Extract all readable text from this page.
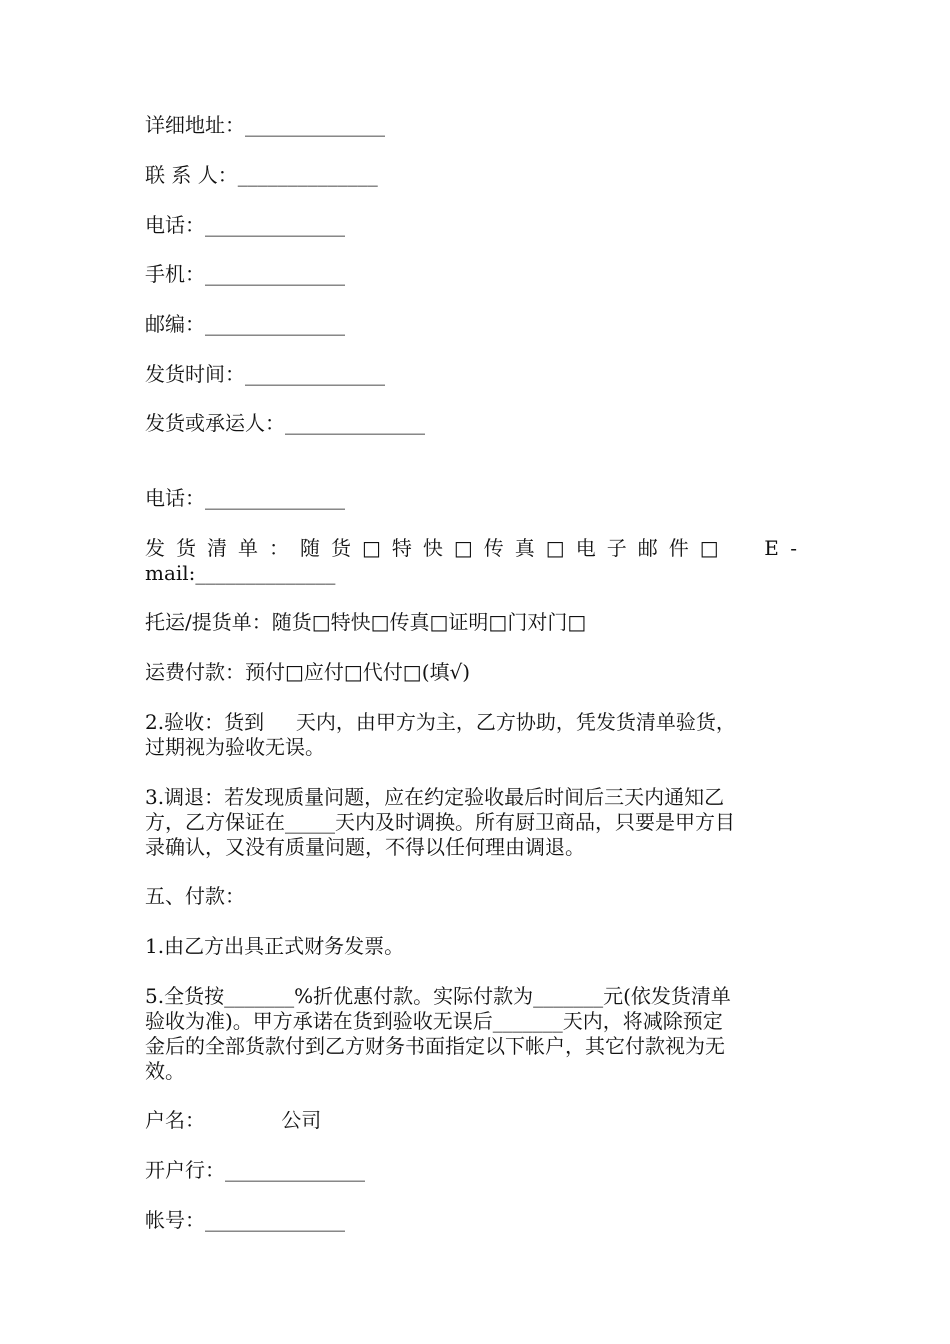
详细地址：______________
联 系 人：______________
电话：______________
手机：______________
邮编：______________
发货时间：______________
发货或承运人：______________
电话：______________
发货清单：随货□特快□传真□电子邮件□  E-
mail:______________
托运/提货单：随货□特快□传真□证明□门对门□
运费付款：预付□应付□代付□(填√)
2.验收：货到     天内，由甲方为主，乙方协助，凭发货清单验货，
过期视为验收无误。
3.调退：若发现质量问题，应在约定验收最后时间后三天内通知乙
方，乙方保证在_____天内及时调换。所有厨卫商品，只要是甲方目
录确认，又没有质量问题，不得以任何理由调退。
五、付款：
1.由乙方出具正式财务发票。
5.全货按_______%折优惠付款。实际付款为_______元(依发货清单
验收为准)。甲方承诺在货到验收无误后_______天内，将减除预定
金后的全部货款付到乙方财务书面指定以下帐户，其它付款视为无
效。
户名：            公司
开户行：______________
帐号：______________
